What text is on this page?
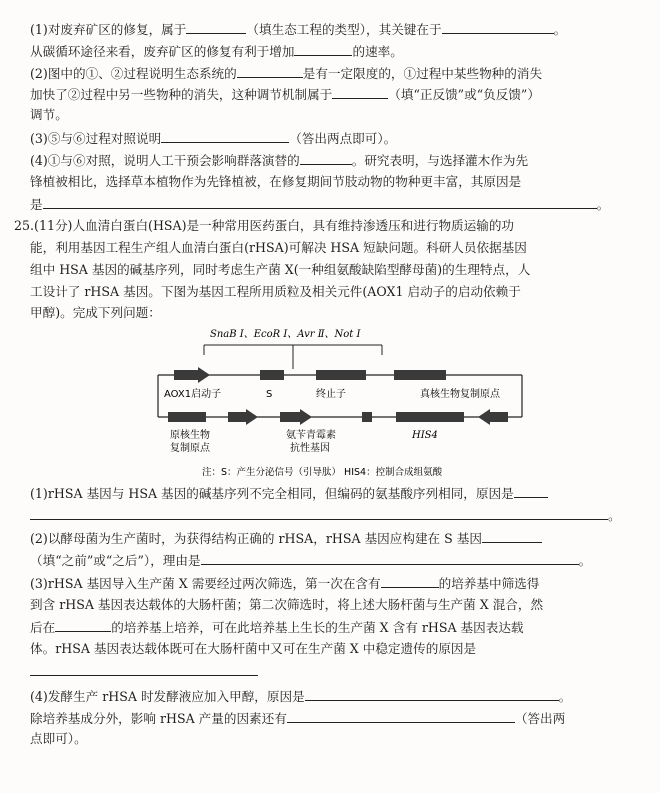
(1)对废弃矿区的修复，属于	（填生态工程的类型），其关键在于	。
从碳循环途径来看，废弃矿区的修复有利于增加	的速率。
(2)图中的①、②过程说明生态系统的	是有一定限度的，①过程中某些物种的消失
加快了②过程中另一些物种的消失，这种调节机制属于	（填“正反馈”或“负反馈”）
调节。
(3)⑤与⑥过程对照说明	（答出两点即可）。
(4)①与⑥对照，说明人工干预会影响群落演替的	。研究表明，与选择灌木作为先
锋植被相比，选择草本植物作为先锋植被，在修复期间节肢动物的物种更丰富，其原因是
是	。
25.(11分)人血清白蛋白(HSA)是一种常用医药蛋白，具有维持渗透压和进行物质运输的功
能，利用基因工程生产组人血清白蛋白(rHSA)可解决 HSA 短缺问题。科研人员依据基因
组中 HSA 基因的碱基序列，同时考虑生产菌 X(一种组氨酸缺陷型酵母菌)的生理特点，人
工设计了 rHSA 基因。下图为基因工程所用质粒及相关元件(AOX1 启动子的启动依赖于
甲醇)。完成下列问题：
SnaB Ⅰ、EcoR Ⅰ、Avr Ⅱ、Not Ⅰ
AOX1启动子	S	终止子	真核生物复制原点
原核生物
复制原点
氨苄青霉素
抗性基因
HIS4
注：S：产生分泌信号（引导肽） HIS4：控制合成组氨酸
(1)rHSA 基因与 HSA 基因的碱基序列不完全相同，但编码的氨基酸序列相同，原因是
。
(2)以酵母菌为生产菌时，为获得结构正确的 rHSA，rHSA 基因应构建在 S 基因
（填“之前”或“之后”），理由是	。
(3)rHSA 基因导入生产菌 X 需要经过两次筛选，第一次在含有	的培养基中筛选得
到含 rHSA 基因表达载体的大肠杆菌；第二次筛选时，将上述大肠杆菌与生产菌 X 混合，然
后在	的培养基上培养，可在此培养基上生长的生产菌 X 含有 rHSA 基因表达载
体。rHSA 基因表达载体既可在大肠杆菌中又可在生产菌 X 中稳定遗传的原因是
(4)发酵生产 rHSA 时发酵液应加入甲醇，原因是	。
除培养基成分外，影响 rHSA 产量的因素还有	（答出两
点即可）。
